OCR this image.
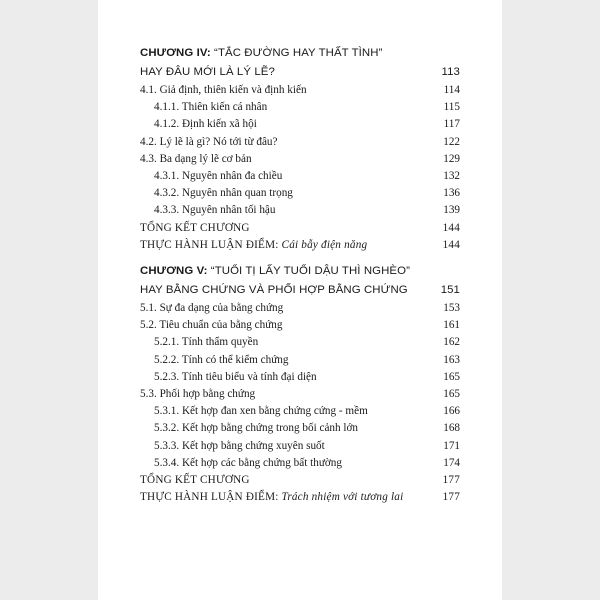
CHƯƠNG IV: “TẮC ĐƯỜNG HAY THẤT TÌNH”
HAY ĐÂU MỚI LÀ LÝ LẼ?	113
4.1. Giả định, thiên kiến và định kiến	114
4.1.1. Thiên kiến cá nhân	115
4.1.2. Định kiến xã hội	117
4.2. Lý lẽ là gì? Nó tới từ đâu?	122
4.3. Ba dạng lý lẽ cơ bản	129
4.3.1. Nguyên nhân đa chiều	132
4.3.2. Nguyên nhân quan trọng	136
4.3.3. Nguyên nhân tối hậu	139
TỔNG KẾT CHƯƠNG	144
THỰC HÀNH LUẬN ĐIỂM: Cái bẫy điện năng	144
CHƯƠNG V: “TUỔI TỊ LẤY TUỔI DẬU THÌ NGHÈO”
HAY BẰNG CHỨNG VÀ PHỐI HỢP BẰNG CHỨNG	151
5.1. Sự đa dạng của bằng chứng	153
5.2. Tiêu chuẩn của bằng chứng	161
5.2.1. Tính thẩm quyền	162
5.2.2. Tính có thể kiểm chứng	163
5.2.3. Tính tiêu biểu và tính đại diện	165
5.3. Phối hợp bằng chứng	165
5.3.1. Kết hợp đan xen bằng chứng cứng - mềm	166
5.3.2. Kết hợp bằng chứng trong bối cảnh lớn	168
5.3.3. Kết hợp bằng chứng xuyên suốt	171
5.3.4. Kết hợp các bằng chứng bất thường	174
TỔNG KẾT CHƯƠNG	177
THỰC HÀNH LUẬN ĐIỂM: Trách nhiệm với tương lai	177
